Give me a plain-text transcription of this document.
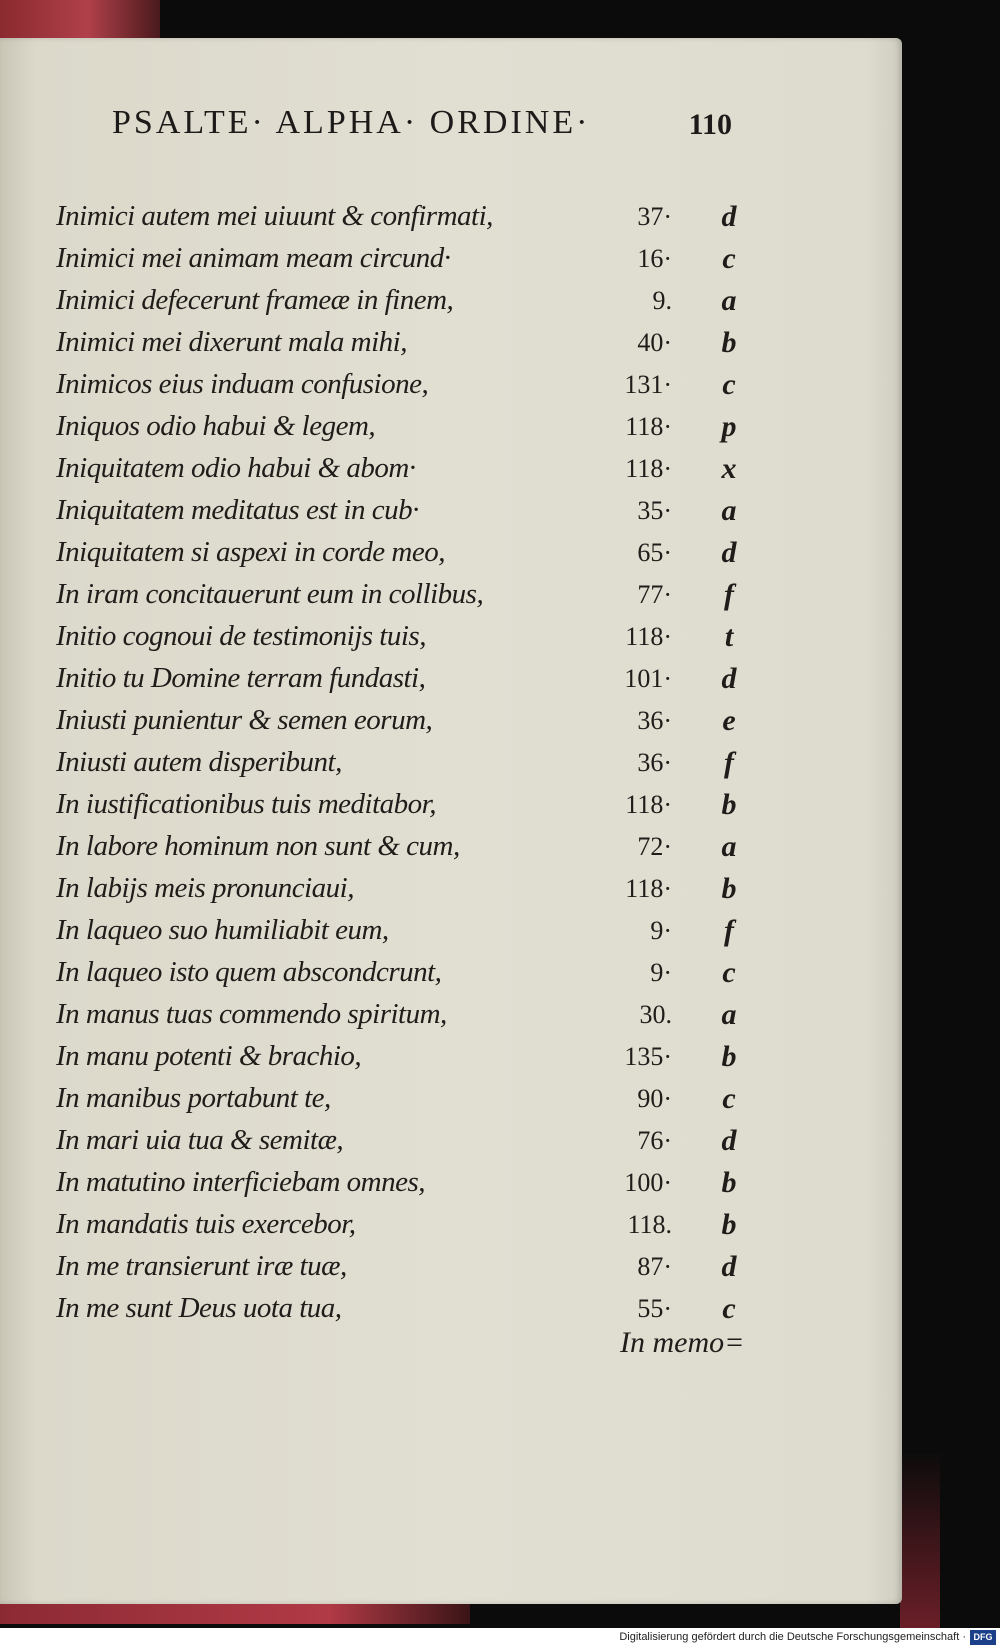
PSALTE· ALPHA· ORDINE·	110
Inimici autem mei uiuunt & confirmati,	37· d
Inimici mei animam meam circund·	16· c
Inimici defecerunt frameæ in finem,	9. a
Inimici mei dixerunt mala mihi,	40· b
Inimicos eius induam confusione,	131· c
Iniquos odio habui & legem,	118· p
Iniquitatem odio habui & abom·	118· x
Iniquitatem meditatus est in cub·	35· a
Iniquitatem si aspexi in corde meo,	65· d
In iram concitauerunt eum in collibus,	77·	f
Initio cognoui de testimonijs tuis,	118·	t
Initio tu Domine terram fundasti,	101· d
Iniusti punientur & semen eorum,	36· e
Iniusti autem disperibunt,	36·	f
In iustificationibus tuis meditabor,	118· b
In labore hominum non sunt & cum,	72· a
In labijs meis pronunciaui,	118· b
In laqueo suo humiliabit eum,	9·	f
In laqueo isto quem abscondcrunt,	9· c
In manus tuas commendo spiritum,	30. a
In manu potenti & brachio,	135· b
In manibus portabunt te,	90· c
In mari uia tua & semitæ,	76· d
In matutino interficiebam omnes,	100· b
In mandatis tuis exercebor,	118. b
In me transierunt iræ tuæ,	87· d
In me sunt Deus uota tua,	55· c
In memo=
Digitalisierung gefördert durch die Deutsche Forschungsgemeinschaft · DFG
